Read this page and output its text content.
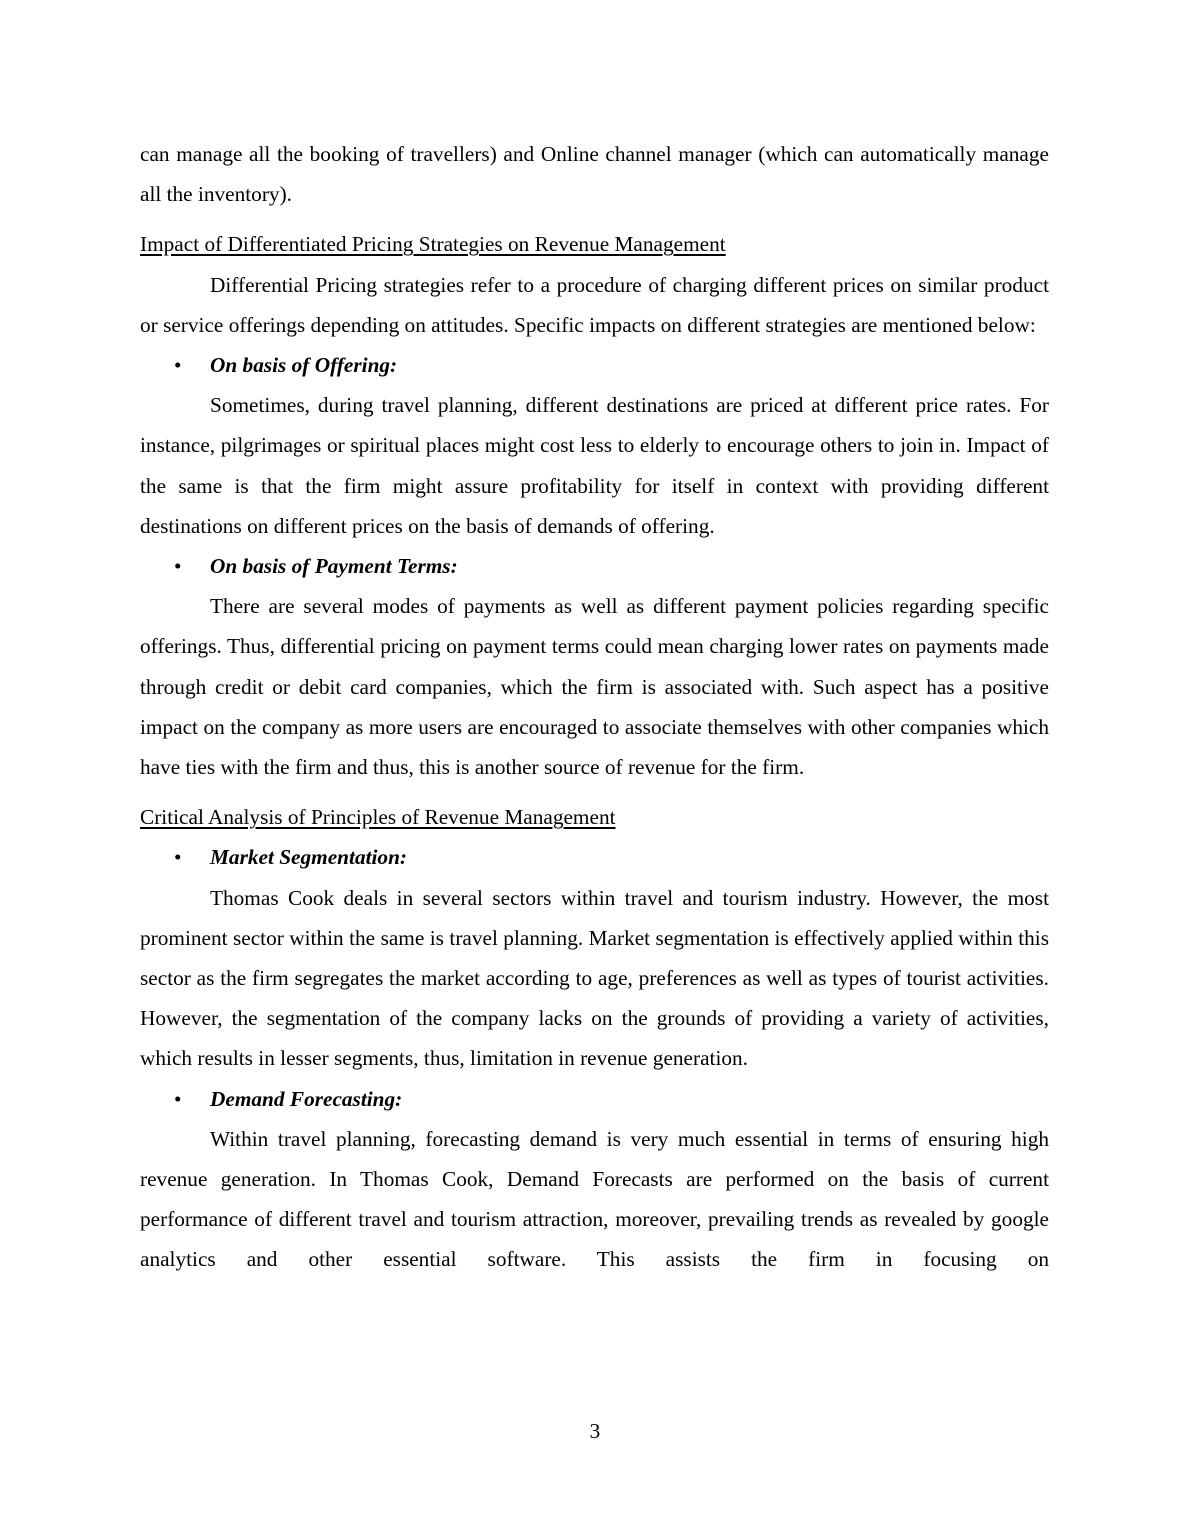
can manage all the booking of travellers) and Online channel manager (which can automatically manage all the inventory).

Impact of Differentiated Pricing Strategies on Revenue Management

Differential Pricing strategies refer to a procedure of charging different prices on similar product or service offerings depending on attitudes. Specific impacts on different strategies are mentioned below:

• On basis of Offering:

Sometimes, during travel planning, different destinations are priced at different price rates. For instance, pilgrimages or spiritual places might cost less to elderly to encourage others to join in. Impact of the same is that the firm might assure profitability for itself in context with providing different destinations on different prices on the basis of demands of offering.

• On basis of Payment Terms:

There are several modes of payments as well as different payment policies regarding specific offerings. Thus, differential pricing on payment terms could mean charging lower rates on payments made through credit or debit card companies, which the firm is associated with. Such aspect has a positive impact on the company as more users are encouraged to associate themselves with other companies which have ties with the firm and thus, this is another source of revenue for the firm.

Critical Analysis of Principles of Revenue Management

• Market Segmentation:

Thomas Cook deals in several sectors within travel and tourism industry. However, the most prominent sector within the same is travel planning. Market segmentation is effectively applied within this sector as the firm segregates the market according to age, preferences as well as types of tourist activities. However, the segmentation of the company lacks on the grounds of providing a variety of activities, which results in lesser segments, thus, limitation in revenue generation.

• Demand Forecasting:

Within travel planning, forecasting demand is very much essential in terms of ensuring high revenue generation. In Thomas Cook, Demand Forecasts are performed on the basis of current performance of different travel and tourism attraction, moreover, prevailing trends as revealed by google analytics and other essential software. This assists the firm in focusing on

3
